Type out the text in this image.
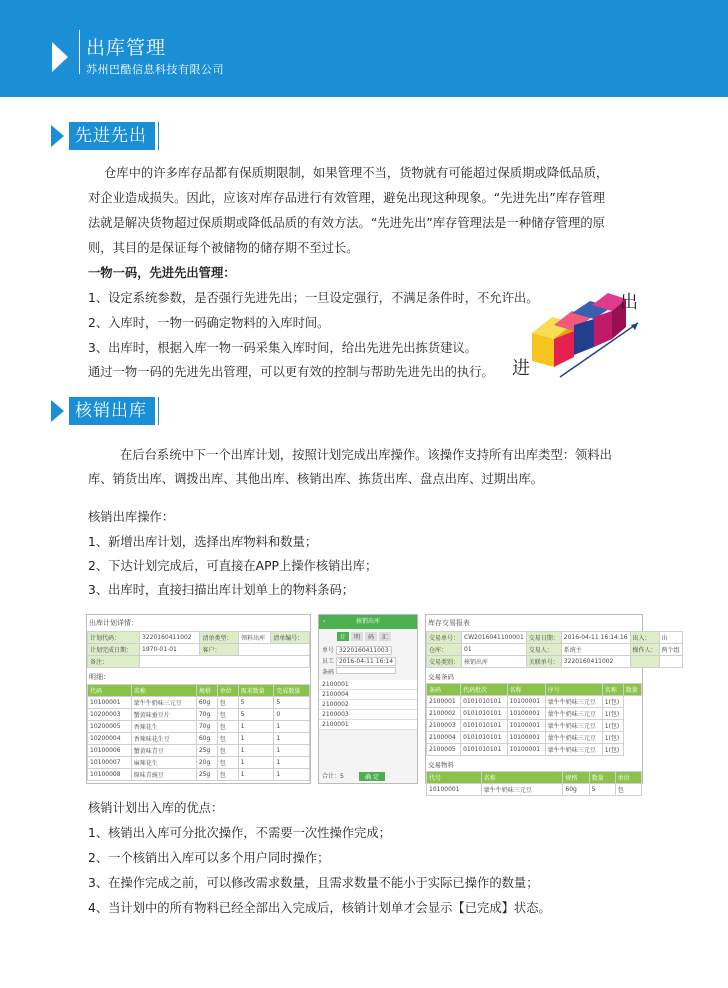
出库管理
苏州巴酷信息科技有限公司
先进先出
仓库中的许多库存品都有保质期限制，如果管理不当，货物就有可能超过保质期或降低品质，
对企业造成损失。因此，应该对库存品进行有效管理，避免出现这种现象。“先进先出”库存管理
法就是解决货物超过保质期或降低品质的有效方法。“先进先出”库存管理法是一种储存管理的原
则，其目的是保证每个被储物的储存期不至过长。
一物一码，先进先出管理：
1、设定系统参数，是否强行先进先出；一旦设定强行，不满足条件时，不允许出。
2、入库时，一物一码确定物料的入库时间。
3、出库时，根据入库一物一码采集入库时间，给出先进先出拣货建议。
通过一物一码的先进先出管理，可以更有效的控制与帮助先进先出的执行。
出
进
核销出库
在后台系统中下一个出库计划，按照计划完成出库操作。该操作支持所有出库类型：领料出
库、销货出库、调拨出库、其他出库、核销出库、拣货出库、盘点出库、过期出库。
核销出库操作：
1、新增出库计划，选择出库物料和数量；
2、下达计划完成后，可直接在APP上操作核销出库；
3、出库时，直接扫描出库计划单上的物料条码；
出库计划详情：
计划代码：	3220160411002	清单类型：	领料出库	清单编号：
计划完成日期：	1970-01-01	客户：		
备注：				
明细：
代码	名称	规格	单位	需求数量	完成数量
10100001	蒙牛牛奶味三元豆	60g	包	5	5
10200003	蟹黄味蚕豆片	70g	包	5	0
10200005	香辣花生	70g	包	1	1
10200004	香辣味花生豆	60g	包	1	1
10100006	蟹黄味青豆	25g	包	1	1
10100007	麻辣花生	20g	包	1	1
10100008	原味青豌豆	25g	包	1	1
‹	核销出库
计	明	码	汇
单号 3220160411003
员工 2016-04-11 16:14
条码
2100001
2100004
2100002
2100003
2100001
合计：5	确 定
库存交易报表
交易单号：	CW2016041100001	交易日期：	2016-04-11 16:14:16	出入：	出
仓库：	01	交易人：	系统主	操作人：	两个组
交易类别：	核销出库	关联单号：	3220160411002		
交易条码
条码	代码批次	名称	序号	名称	数量
2100001	0101010101	10100001	蒙牛牛奶味三元豆	1(包)	
2100002	0101010101	10100001	蒙牛牛奶味三元豆	1(包)	
2100003	0101010101	10100001	蒙牛牛奶味三元豆	1(包)	
2100004	0101010101	10100001	蒙牛牛奶味三元豆	1(包)	
2100005	0101010101	10100001	蒙牛牛奶味三元豆	1(包)	
交易物料
代号	名称	规格	数量	单位
10100001	蒙牛牛奶味三元豆	60g	5	包
核销计划出入库的优点：
1、核销出入库可分批次操作，不需要一次性操作完成；
2、一个核销出入库可以多个用户同时操作；
3、在操作完成之前，可以修改需求数量，且需求数量不能小于实际已操作的数量；
4、当计划中的所有物料已经全部出入完成后，核销计划单才会显示【已完成】状态。
